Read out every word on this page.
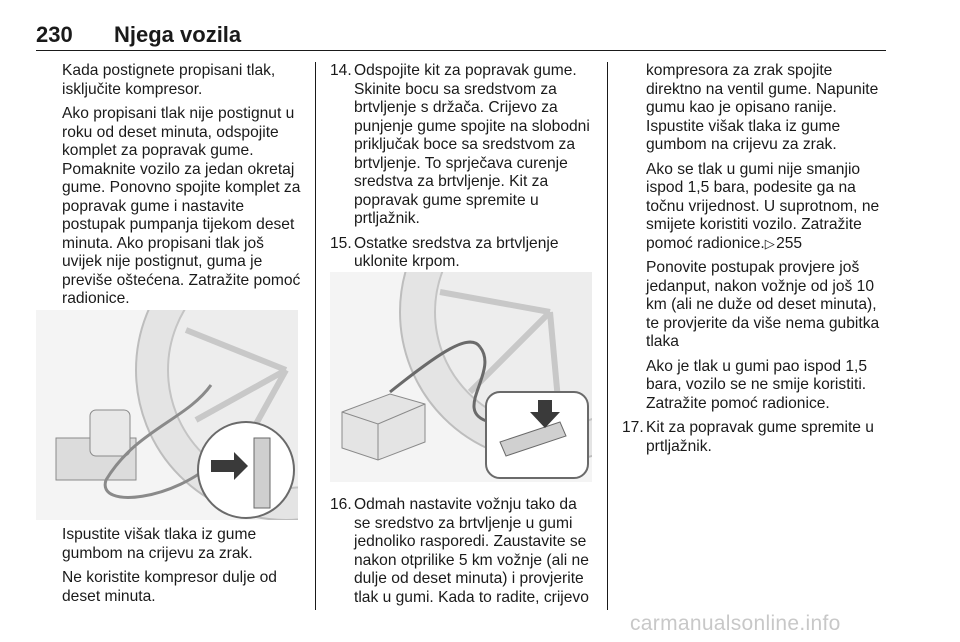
230 Njega vozila

Kada postignete propisani tlak, isključite kompresor.

Ako propisani tlak nije postignut u roku od deset minuta, odspojite komplet za popravak gume. Pomaknite vozilo za jedan okretaj gume. Ponovno spojite komplet za popravak gume i nastavite postupak pumpanja tijekom deset minuta. Ako propisani tlak još uvijek nije postignut, guma je previše oštećena. Zatražite pomoć radionice.

Ispustite višak tlaka iz gume gumbom na crijevu za zrak.

Ne koristite kompresor dulje od deset minuta.

14. Odspojite kit za popravak gume. Skinite bocu sa sredstvom za brtvljenje s držača. Crijevo za punjenje gume spojite na slobodni priključak boce sa sredstvom za brtvljenje. To sprječava curenje sredstva za brtvljenje. Kit za popravak gume spremite u prtljažnik.
15. Ostatke sredstva za brtvljenje uklonite krpom.
16. Odmah nastavite vožnju tako da se sredstvo za brtvljenje u gumi jednoliko rasporedi. Zaustavite se nakon otprilike 5 km vožnje (ali ne dulje od deset minuta) i provjerite tlak u gumi. Kada to radite, crijevo

kompresora za zrak spojite direktno na ventil gume. Napunite gumu kao je opisano ranije. Ispustite višak tlaka iz gume gumbom na crijevu za zrak.

Ako se tlak u gumi nije smanjio ispod 1,5 bara, podesite ga na točnu vrijednost. U suprotnom, ne smijete koristiti vozilo. Zatražite pomoć radionice.▷ 255

Ponovite postupak provjere još jedanput, nakon vožnje od još 10 km (ali ne duže od deset minuta), te provjerite da više nema gubitka tlaka

Ako je tlak u gumi pao ispod 1,5 bara, vozilo se ne smije koristiti. Zatražite pomoć radionice.

17. Kit za popravak gume spremite u prtljažnik.
carmanualsonline.info
